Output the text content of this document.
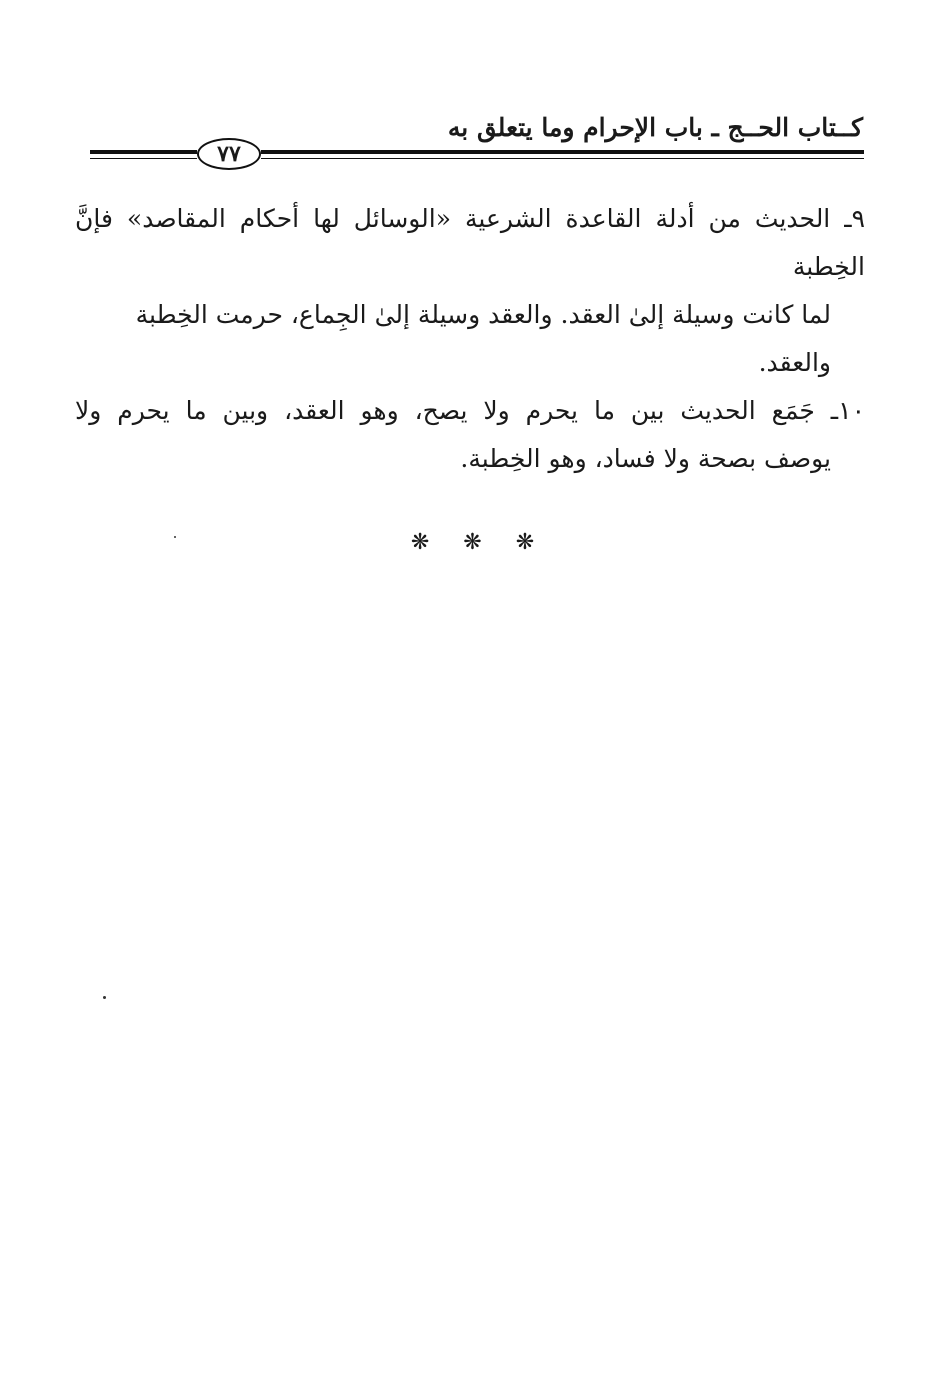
كــتاب الحــج ـ باب الإحرام وما يتعلق به
٧٧

٩ـ الحديث من أدلة القاعدة الشرعية «الوسائل لها أحكام المقاصد» فإنَّ الخِطبة
لما كانت وسيلة إلىٰ العقد. والعقد وسيلة إلىٰ الجِماع، حرمت الخِطبة والعقد.

١٠ـ جَمَع الحديث بين ما يحرم ولا يصح، وهو العقد، وبين ما يحرم ولا
يوصف بصحة ولا فساد، وهو الخِطبة.

❋ ❋ ❋
